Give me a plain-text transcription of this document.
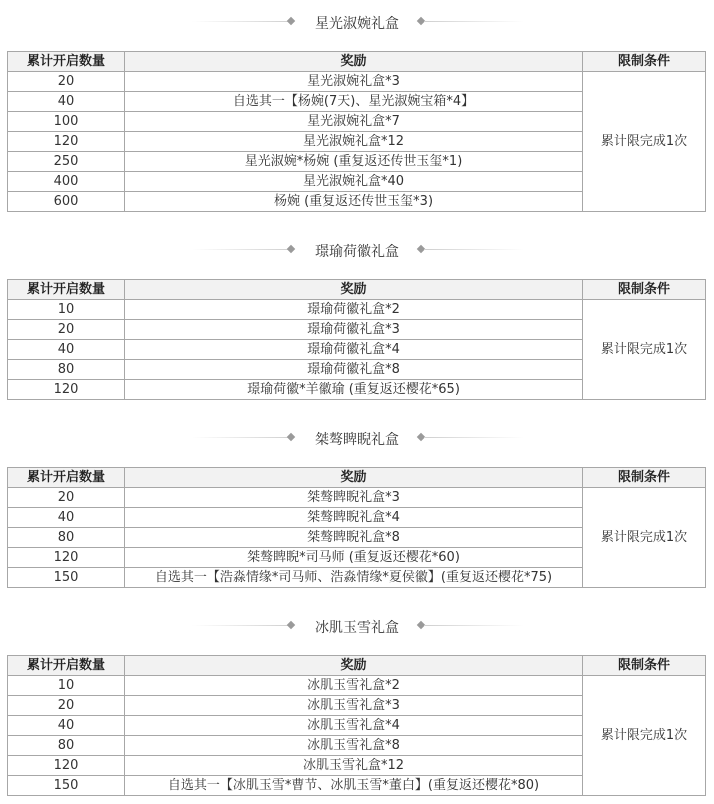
星光淑婉礼盒
累计开启数量	奖励	限制条件
20	星光淑婉礼盒*3	累计限完成1次
40	自选其一【杨婉(7天)、星光淑婉宝箱*4】	
100	星光淑婉礼盒*7	
120	星光淑婉礼盒*12	
250	星光淑婉*杨婉 (重复返还传世玉玺*1)	
400	星光淑婉礼盒*40	
600	杨婉 (重复返还传世玉玺*3)	
璟瑜荷徽礼盒
累计开启数量	奖励	限制条件
10	璟瑜荷徽礼盒*2	累计限完成1次
20	璟瑜荷徽礼盒*3	
40	璟瑜荷徽礼盒*4	
80	璟瑜荷徽礼盒*8	
120	璟瑜荷徽*羊徽瑜 (重复返还樱花*65)	
桀骜睥睨礼盒
累计开启数量	奖励	限制条件
20	桀骜睥睨礼盒*3	累计限完成1次
40	桀骜睥睨礼盒*4	
80	桀骜睥睨礼盒*8	
120	桀骜睥睨*司马师 (重复返还樱花*60)	
150	自选其一【浩淼情缘*司马师、浩淼情缘*夏侯徽】(重复返还樱花*75)	
冰肌玉雪礼盒
累计开启数量	奖励	限制条件
10	冰肌玉雪礼盒*2	累计限完成1次
20	冰肌玉雪礼盒*3	
40	冰肌玉雪礼盒*4	
80	冰肌玉雪礼盒*8	
120	冰肌玉雪礼盒*12	
150	自选其一【冰肌玉雪*曹节、冰肌玉雪*董白】(重复返还樱花*80)	
